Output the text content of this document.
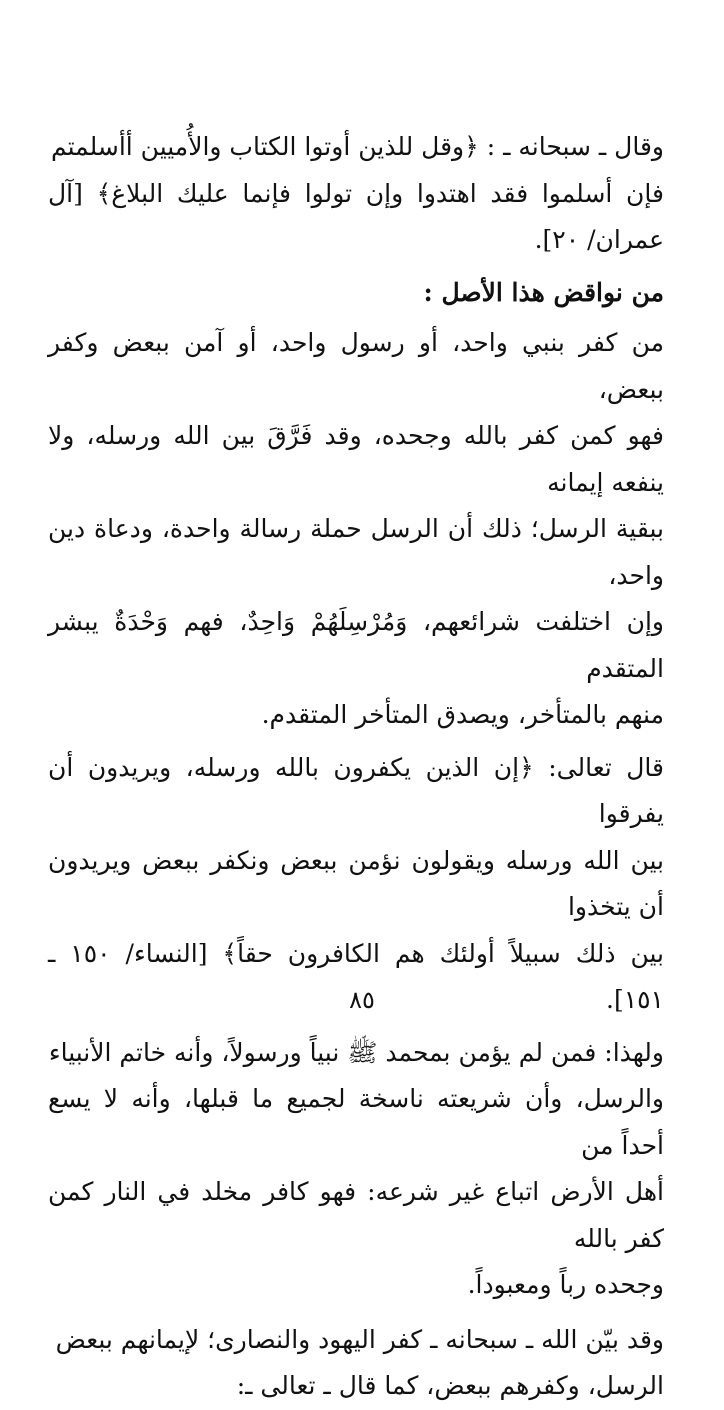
وقال ـ سبحانه ـ : ﴿وقل للذين أوتوا الكتاب والأُميين أأسلمتم
فإن أسلموا فقد اهتدوا وإن تولوا فإنما عليك البلاغ﴾ [آل عمران/ ٢٠].

من نواقض هذا الأصل :

من كفر بنبي واحد، أو رسول واحد، أو آمن ببعض وكفر ببعض،
فهو كمن كفر بالله وجحده، وقد فَرَّقَ بين الله ورسله، ولا ينفعه إيمانه
ببقية الرسل؛ ذلك أن الرسل حملة رسالة واحدة، ودعاة دين واحد،
وإن اختلفت شرائعهم، وَمُرْسِلَهُمْ وَاحِدٌ، فهم وَحْدَةٌ يبشر المتقدم
منهم بالمتأخر، ويصدق المتأخر المتقدم.

قال تعالى: ﴿إن الذين يكفرون بالله ورسله، ويريدون أن يفرقوا
بين الله ورسله ويقولون نؤمن ببعض ونكفر ببعض ويريدون أن يتخذوا
بين ذلك سبيلاً أولئك هم الكافرون حقاً﴾ [النساء/ ١٥٠ ـ ١٥١].

ولهذا: فمن لم يؤمن بمحمد ﷺ نبياً ورسولاً، وأنه خاتم الأنبياء
والرسل، وأن شريعته ناسخة لجميع ما قبلها، وأنه لا يسع أحداً من
أهل الأرض اتباع غير شرعه: فهو كافر مخلد في النار كمن كفر بالله
وجحده رباً ومعبوداً.

وقد بيّن الله ـ سبحانه ـ كفر اليهود والنصارى؛ لإيمانهم ببعض
الرسل، وكفرهم ببعض، كما قال ـ تعالى ـ:

٨٥
